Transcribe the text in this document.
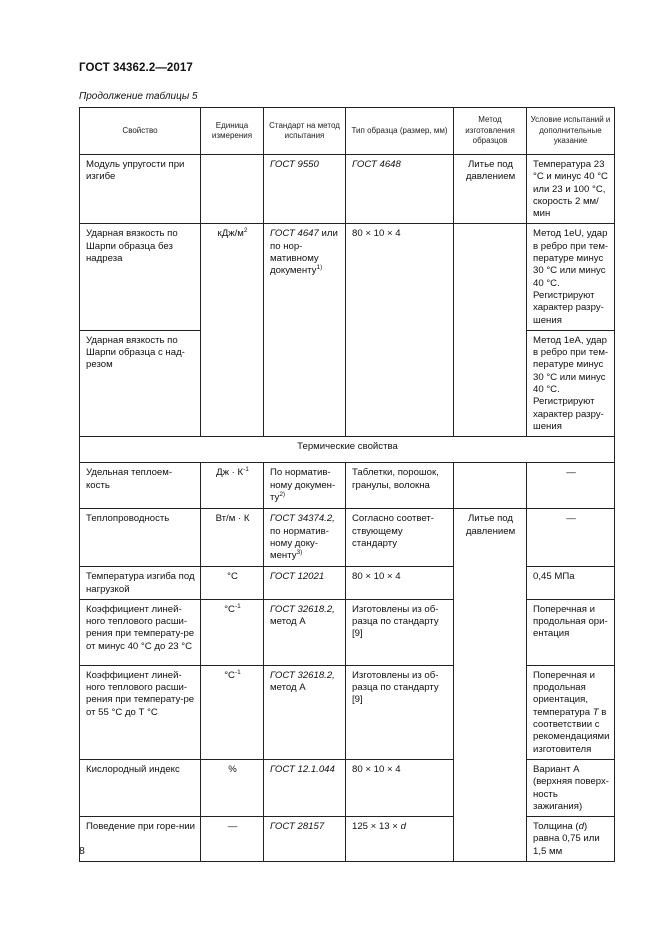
ГОСТ 34362.2—2017
Продолжение таблицы 5
Свойство	Единица измерения	Стандарт на метод испытания	Тип образца (размер, мм)	Метод изготовления образцов	Условие испытаний и дополнительные указание
Модуль упругости при изгибе		ГОСТ 9550	ГОСТ 4648	Литье под давлением	Температура 23 °С и минус 40 °С или 23 и 100 °С, скорость 2 мм/мин
Ударная вязкость по Шарпи образца без надреза	кДж/$м^2$	ГОСТ 4647 или по нор-мативному документу$^{1)}$	80 × 10 × 4		Метод 1eU, удар в ребро при тем-пературе минус 30 °С или минус 40 °С. Регистрируют характер разру-шения
Ударная вязкость по Шарпи образца с над-резом					Метод 1eA, удар в ребро при тем-пературе минус 30 °С или минус 40 °С. Регистрируют характер разру-шения
Термические свойства					
Удельная теплоем-кость	Дж · $К^{-1}$	По норматив-ному докумен-$ту^{2)}$	Таблетки, порошок, гранулы, волокна		—
Теплопроводность	Вт/м · К	ГОСТ 34374.2, по норматив-ному доку-менту$^{3)}$	Согласно соответ-ствующему стандарту	Литье под давлением	—
Температура изгиба под нагрузкой	°С	ГОСТ 12021	80 × 10 × 4		0,45 МПа
Коэффициент линей-ного теплового расши-рения при температу-ре от минус 40 °С до 23 °С	$^\circ С^{-1}$	ГОСТ 32618.2, метод А	Изготовлены из об-разца по стандарту [9]		Поперечная и продольная ори-ентация
Коэффициент линей-ного теплового расши-рения при температу-ре от 55 °С до Т °С	$^\circ С^{-1}$	ГОСТ 32618.2, метод А	Изготовлены из об-разца по стандарту [9]		Поперечная и продольная ориентация, температура Т в соответствии с рекомендациями изготовителя
Кислородный индекс	%	ГОСТ 12.1.044	80 × 10 × 4		Вариант А (верхняя поверх-ность зажигания)
Поведение при горе-нии	—	ГОСТ 28157	125 × 13 × d		Толщина (d) равна 0,75 или 1,5 мм
8
